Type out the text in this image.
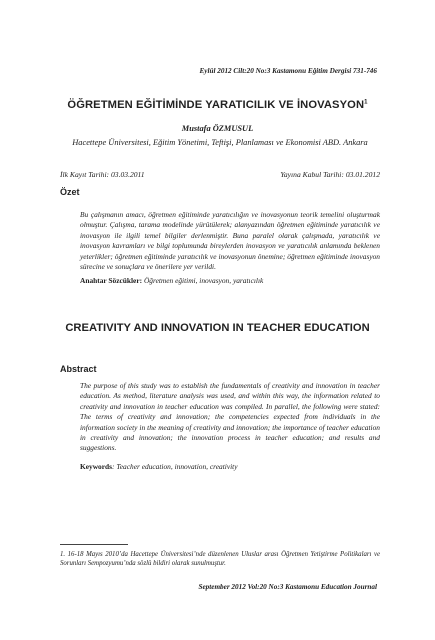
Eylül 2012 Cilt:20 No:3 Kastamonu Eğitim Dergisi 731-746
ÖĞRETMEN EĞİTİMİNDE YARATICILIK VE İNOVASYON$^1$
Mustafa ÖZMUSUL
Hacettepe Üniversitesi, Eğitim Yönetimi, Teftişi, Planlaması ve Ekonomisi ABD. Ankara
İlk Kayıt Tarihi: 03.03.2011	Yayına Kabul Tarihi: 03.01.2012
Özet
Bu çalışmanın amacı, öğretmen eğitiminde yaratıcılığın ve inovasyonun teorik temelini oluşturmak olmuştur. Çalışma, tarama modelinde yürütülerek; alanyazından öğretmen eğitiminde yaratıcılık ve inovasyon ile ilgili temel bilgiler derlenmiştir. Buna paralel olarak çalışmada, yaratıcılık ve inovasyon kavramları ve bilgi toplumunda bireylerden inovasyon ve yaratıcılık anlamında beklenen yeterlikler; öğretmen eğitiminde yaratıcılık ve inovasyonun önemine; öğretmen eğitiminde inovasyon sürecine ve sonuçlara ve önerilere yer verildi.
Anahtar Sözcükler: Öğretmen eğitimi, inovasyon, yaratıcılık
CREATIVITY AND INNOVATION IN TEACHER EDUCATION
Abstract
The purpose of this study was to establish the fundamentals of creativity and innovation in teacher education. As method, literature analysis was used, and within this way, the information related to creativity and innovation in teacher education was compiled. In parallel, the following were stated: The terms of creativity and innovation; the competencies expected from individuals in the information society in the meaning of creativity and innovation; the importance of teacher education in creativity and innovation; the innovation process in teacher education; and results and suggestions.
Keywords: Teacher education, innovation, creativity
1. 16-18 Mayıs 2010’da Hacettepe Üniversitesi’nde düzenlenen Uluslar arası Öğretmen Yetiştirme Politikaları ve Sorunları Sempozyumu’nda sözlü bildiri olarak sunulmuştur.
September 2012 Vol:20 No:3 Kastamonu Education Journal
